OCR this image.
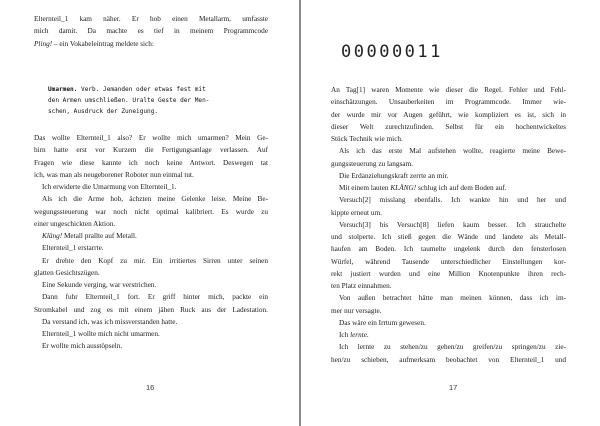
Elternteil_1 kam näher. Er hob einen Metallarm, umfasste

mich damit. Da machte es tief in meinem Programmcode

Pling! – ein Vokabeleintrag meldete sich:

Umarmen. Verb. Jemanden oder etwas fest mit

den Armen umschließen. Uralte Geste der Men-

schen, Ausdruck der Zuneigung.

Das wollte Elternteil_1 also? Er wollte mich umarmen? Mein Ge-

hirn hatte erst vor Kurzem die Fertigungsanlage verlassen. Auf

Fragen wie diese kannte ich noch keine Antwort. Deswegen tat

ich, was man als neugeborener Roboter nun einmal tut.

Ich erwiderte die Umarmung von Elternteil_1.

Als ich die Arme hob, ächzten meine Gelenke leise. Meine Be-

wegungssteuerung war noch nicht optimal kalibriert. Es wurde zu

einer ungeschickten Aktion.

Kläng! Metall prallte auf Metall.

Elternteil_1 erstarrte.

Er drehte den Kopf zu mir. Ein irritiertes Sirren unter seinen

glatten Gesichtszügen.

Eine Sekunde verging, war verstrichen.

Dann fuhr Elternteil_1 fort. Er griff hinter mich, packte ein

Stromkabel und zog es mit einem jähen Ruck aus der Ladestation.

Da verstand ich, was ich missverstanden hatte.

Elternteil_1 wollte mich nicht umarmen.

Er wollte mich ausstöpseln.

16
00000011

An Tag[1] waren Momente wie dieser die Regel. Fehler und Fehl-

einschätzungen. Unsauberkeiten im Programmcode. Immer wie-

der wurde mir vor Augen geführt, wie kompliziert es ist, sich in

dieser Welt zurechtzufinden. Selbst für ein hochentwickeltes

Stück Technik wie mich.

Als ich das erste Mal aufstehen wollte, reagierte meine Bewe-

gungssteuerung zu langsam.

Die Erdanziehungskraft zerrte an mir.

Mit einem lauten KLÄNG! schlug ich auf dem Boden auf.

Versuch[2] misslang ebenfalls. Ich wankte hin und her und

kippte erneut um.

Versuch[3] bis Versuch[8] liefen kaum besser. Ich strauchelte

und stolperte. Ich stieß gegen die Wände und landete als Metall-

haufen am Boden. Ich taumelte ungelenk durch den fensterlosen

Würfel, während Tausende unterschiedlicher Einstellungen kor-

rekt justiert wurden und eine Million Knotenpunkte ihren rech-

ten Platz einnahmen.

Von außen betrachtet hätte man meinen können, dass ich im-

mer nur versagte.

Das wäre ein Irrtum gewesen.

Ich lernte.

Ich lernte zu stehen/zu gehen/zu greifen/zu springen/zu zie-

hen/zu schieben, aufmerksam beobachtet von Elternteil_1 und

17
